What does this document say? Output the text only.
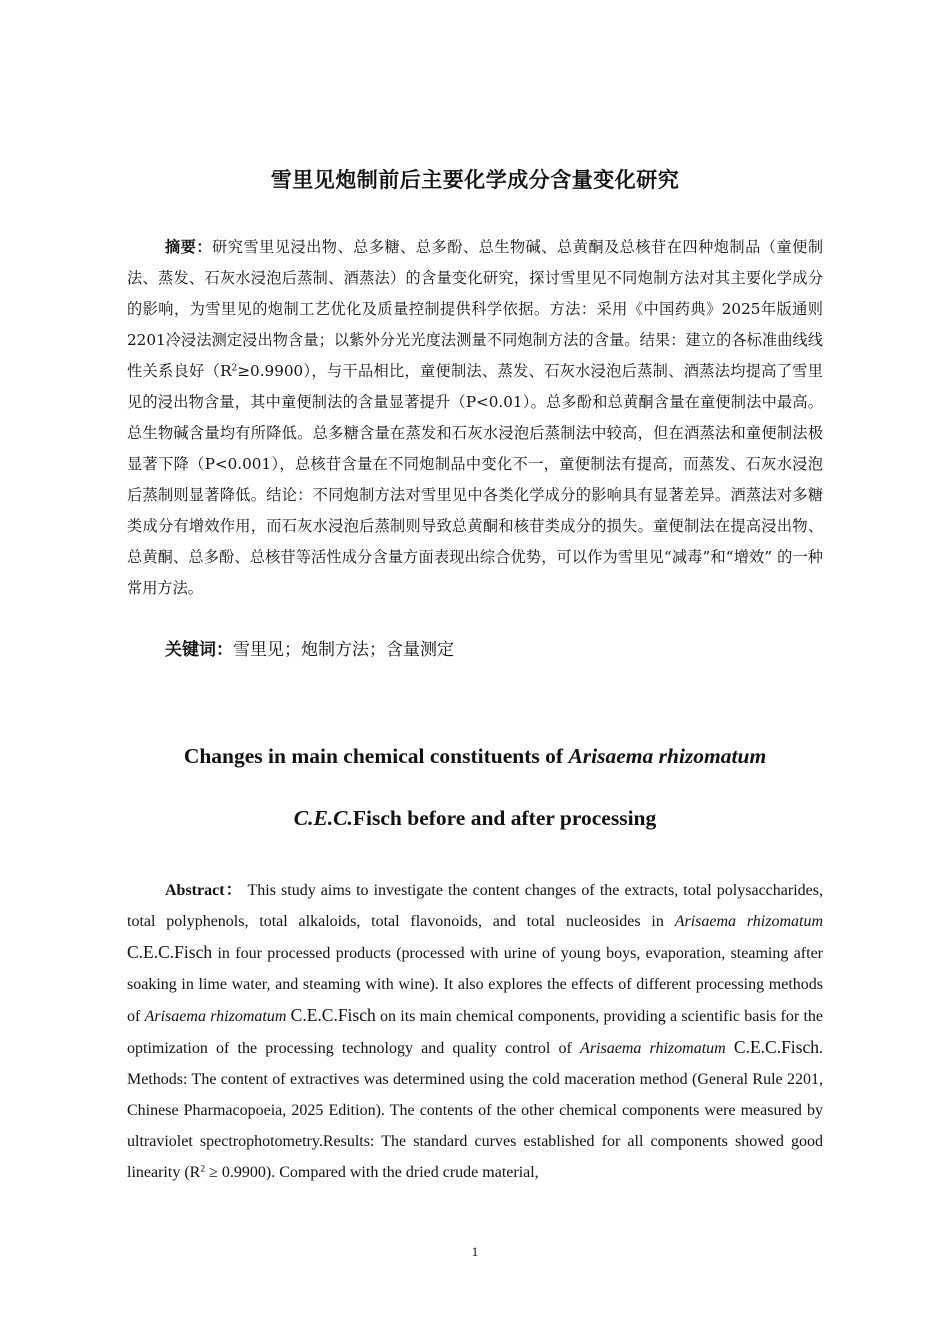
雪里见炮制前后主要化学成分含量变化研究

摘要：研究雪里见浸出物、总多糖、总多酚、总生物碱、总黄酮及总核苷在四种炮制品（童便制法、蒸发、石灰水浸泡后蒸制、酒蒸法）的含量变化研究，探讨雪里见不同炮制方法对其主要化学成分的影响，为雪里见的炮制工艺优化及质量控制提供科学依据。方法：采用《中国药典》2025年版通则2201冷浸法测定浸出物含量；以紫外分光光度法测量不同炮制方法的含量。结果：建立的各标准曲线线性关系良好$(R^2\ge 0.9900)$，与干品相比，童便制法、蒸发、石灰水浸泡后蒸制、酒蒸法均提高了雪里见的浸出物含量，其中童便制法的含量显著提升（P<0.01）。总多酚和总黄酮含量在童便制法中最高。总生物碱含量均有所降低。总多糖含量在蒸发和石灰水浸泡后蒸制法中较高，但在酒蒸法和童便制法极显著下降（P<0.001），总核苷含量在不同炮制品中变化不一，童便制法有提高，而蒸发、石灰水浸泡后蒸制则显著降低。结论：不同炮制方法对雪里见中各类化学成分的影响具有显著差异。酒蒸法对多糖类成分有增效作用，而石灰水浸泡后蒸制则导致总黄酮和核苷类成分的损失。童便制法在提高浸出物、总黄酮、总多酚、总核苷等活性成分含量方面表现出综合优势，可以作为雪里见“减毒”和“增效” 的一种常用方法。

关键词：雪里见；炮制方法；含量测定

Changes in main chemical constituents of Arisaema rhizomatum
C.E.C.Fisch before and after processing

Abstract： This study aims to investigate the content changes of the extracts, total polysaccharides, total polyphenols, total alkaloids, total flavonoids, and total nucleosides in Arisaema rhizomatum C.E.C.Fisch in four processed products (processed with urine of young boys, evaporation, steaming after soaking in lime water, and steaming with wine). It also explores the effects of different processing methods of Arisaema rhizomatum C.E.C.Fisch on its main chemical components, providing a scientific basis for the optimization of the processing technology and quality control of Arisaema rhizomatum C.E.C.Fisch. Methods: The content of extractives was determined using the cold maceration method (General Rule 2201, Chinese Pharmacopoeia, 2025 Edition). The contents of the other chemical components were measured by ultraviolet spectrophotometry.Results: The standard curves established for all components showed good linearity $(R^2 \ge 0.9900)$. Compared with the dried crude material,

1
